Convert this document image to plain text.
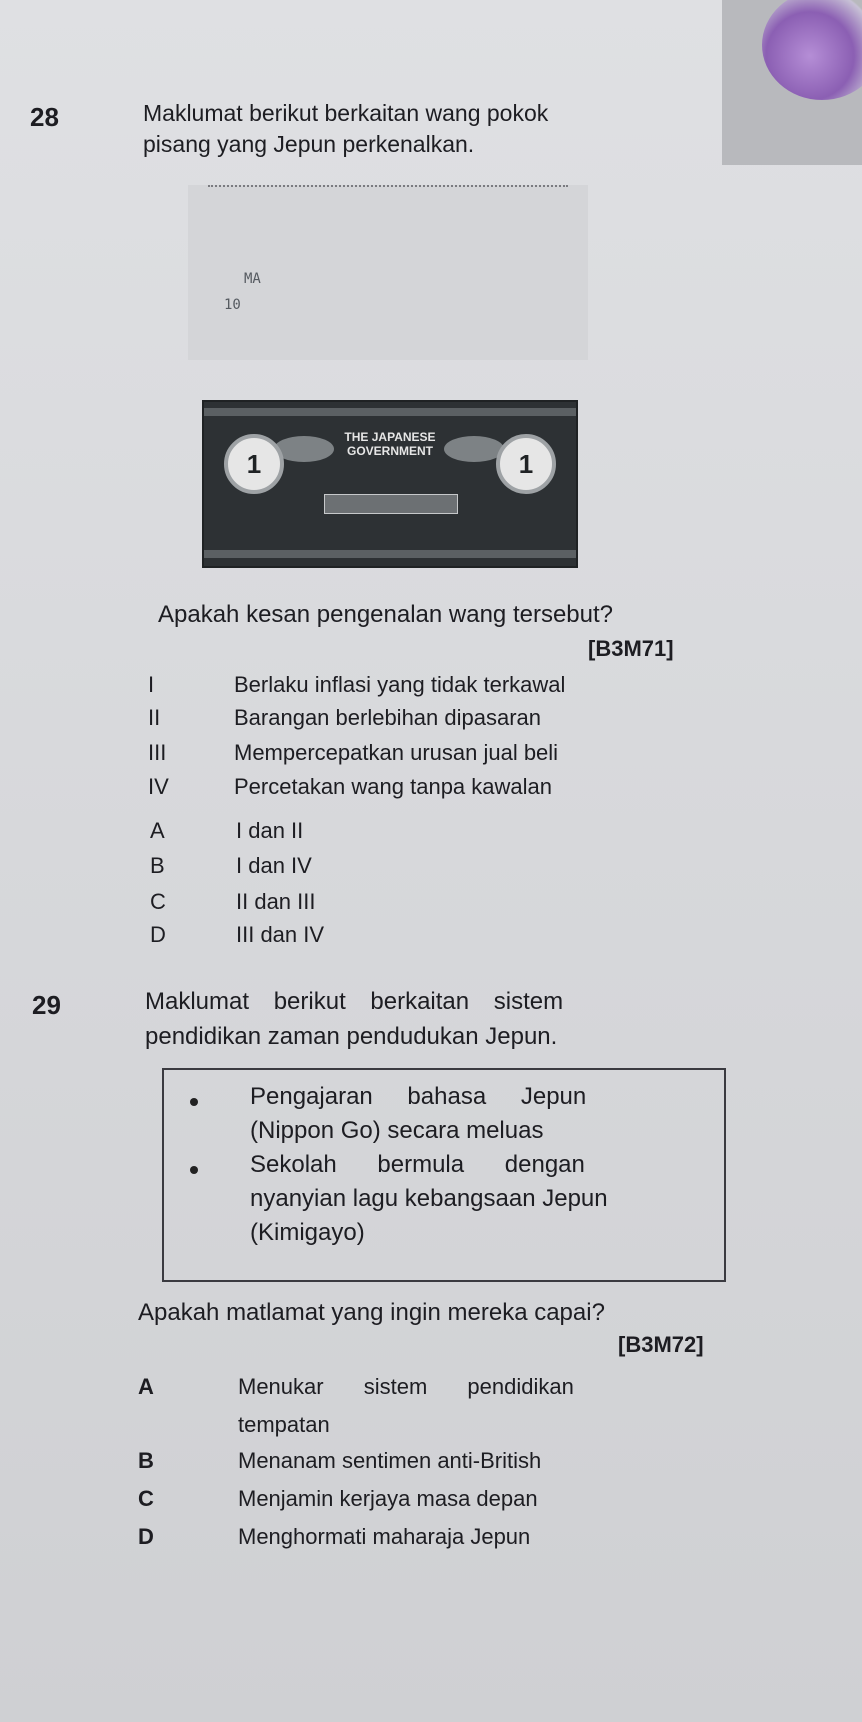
28	Maklumat berikut berkaitan wang pokok
pisang yang Jepun perkenalkan.
10
MA
1	1
THE JAPANESE
GOVERNMENT
Apakah kesan pengenalan wang tersebut?
[B3M71]
I	Berlaku inflasi yang tidak terkawal
II	Barangan berlebihan dipasaran
III	Mempercepatkan urusan jual beli
IV	Percetakan wang tanpa kawalan
A	I dan II
B	I dan IV
C	II dan III
D	III dan IV
29	Maklumat berikut berkaitan sistem
pendidikan zaman pendudukan Jepun.
Pengajaran bahasa Jepun
(Nippon Go) secara meluas
Sekolah bermula dengan
nyanyian lagu kebangsaan Jepun
(Kimigayo)
Apakah matlamat yang ingin mereka capai?
[B3M72]
A	Menukar sistem pendidikan
tempatan
B	Menanam sentimen anti-British
C	Menjamin kerjaya masa depan
D	Menghormati maharaja Jepun
